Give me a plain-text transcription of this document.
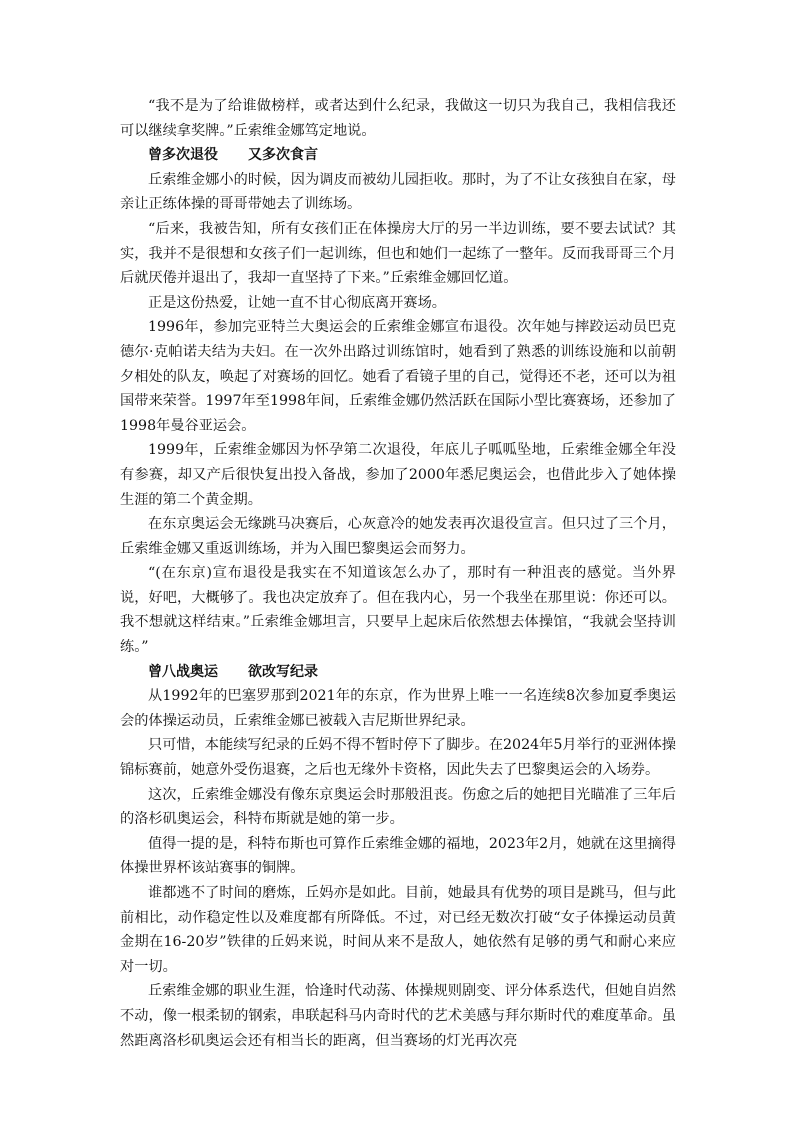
“我不是为了给谁做榜样，或者达到什么纪录，我做这一切只为我自己，我相信我还可以继续拿奖牌。”丘索维金娜笃定地说。

曾多次退役 又多次食言

丘索维金娜小的时候，因为调皮而被幼儿园拒收。那时，为了不让女孩独自在家，母亲让正练体操的哥哥带她去了训练场。

“后来，我被告知，所有女孩们正在体操房大厅的另一半边训练，要不要去试试？其实，我并不是很想和女孩子们一起训练，但也和她们一起练了一整年。反而我哥哥三个月后就厌倦并退出了，我却一直坚持了下来。”丘索维金娜回忆道。

正是这份热爱，让她一直不甘心彻底离开赛场。

1996年，参加完亚特兰大奥运会的丘索维金娜宣布退役。次年她与摔跤运动员巴克德尔·克帕诺夫结为夫妇。在一次外出路过训练馆时，她看到了熟悉的训练设施和以前朝夕相处的队友，唤起了对赛场的回忆。她看了看镜子里的自己，觉得还不老，还可以为祖国带来荣誉。1997年至1998年间，丘索维金娜仍然活跃在国际小型比赛赛场，还参加了1998年曼谷亚运会。

1999年，丘索维金娜因为怀孕第二次退役，年底儿子呱呱坠地，丘索维金娜全年没有参赛，却又产后很快复出投入备战，参加了2000年悉尼奥运会，也借此步入了她体操生涯的第二个黄金期。

在东京奥运会无缘跳马决赛后，心灰意冷的她发表再次退役宣言。但只过了三个月，丘索维金娜又重返训练场，并为入围巴黎奥运会而努力。

“(在东京)宣布退役是我实在不知道该怎么办了，那时有一种沮丧的感觉。当外界说，好吧，大概够了。我也决定放弃了。但在我内心，另一个我坐在那里说：你还可以。我不想就这样结束。”丘索维金娜坦言，只要早上起床后依然想去体操馆，“我就会坚持训练。”

曾八战奥运 欲改写纪录

从1992年的巴塞罗那到2021年的东京，作为世界上唯一一名连续8次参加夏季奥运会的体操运动员，丘索维金娜已被载入吉尼斯世界纪录。

只可惜，本能续写纪录的丘妈不得不暂时停下了脚步。在2024年5月举行的亚洲体操锦标赛前，她意外受伤退赛，之后也无缘外卡资格，因此失去了巴黎奥运会的入场券。

这次，丘索维金娜没有像东京奥运会时那般沮丧。伤愈之后的她把目光瞄准了三年后的洛杉矶奥运会，科特布斯就是她的第一步。

值得一提的是，科特布斯也可算作丘索维金娜的福地，2023年2月，她就在这里摘得体操世界杯该站赛事的铜牌。

谁都逃不了时间的磨炼，丘妈亦是如此。目前，她最具有优势的项目是跳马，但与此前相比，动作稳定性以及难度都有所降低。不过，对已经无数次打破“女子体操运动员黄金期在16-20岁”铁律的丘妈来说，时间从来不是敌人，她依然有足够的勇气和耐心来应对一切。

丘索维金娜的职业生涯，恰逢时代动荡、体操规则剧变、评分体系迭代，但她自岿然不动，像一根柔韧的钢索，串联起科马内奇时代的艺术美感与拜尔斯时代的难度革命。虽然距离洛杉矶奥运会还有相当长的距离，但当赛场的灯光再次亮
